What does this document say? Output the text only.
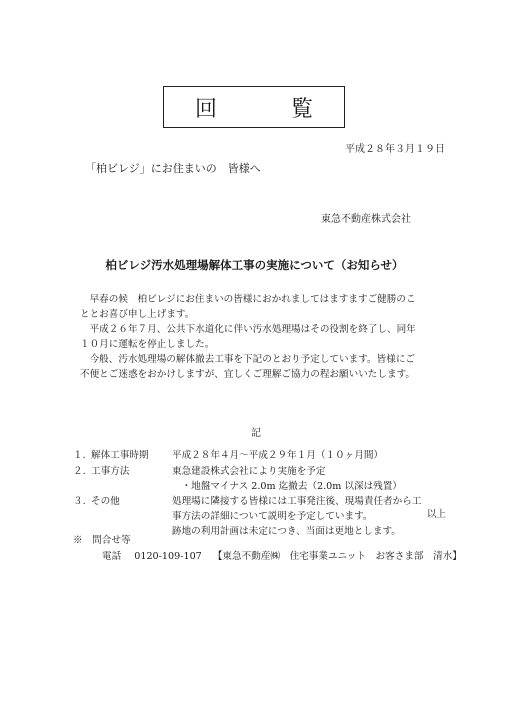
回　覧
平成２８年３月１９日
「柏ビレジ」にお住まいの　皆様へ
東急不動産株式会社
柏ビレジ汚水処理場解体工事の実施について（お知らせ）

早春の候　柏ビレジにお住まいの皆様におかれましてはますますご健勝のこ
ととお喜び申し上げます。

平成２６年７月、公共下水道化に伴い汚水処理場はその役割を終了し、同年
１０月に運転を停止しました。

今般、汚水処理場の解体撤去工事を下記のとおり予定しています。皆様にご
不便とご迷惑をおかけしますが、宜しくご理解ご協力の程お願いいたします。

記
１. 解体工事時期 平成２８年４月～平成２９年１月（１０ヶ月間）
２. 工事方法	東急建設株式会社により実施を予定
　・地盤マイナス 2.0m 迄撤去（2.0m 以深は残置）
３. その他	処理場に隣接する皆様には工事発注後、現場責任者から工
事方法の詳細について説明を予定しています。
跡地の利用計画は未定につき、当面は更地とします。
以上
※　問合せ等
電話 0120-109-107 【東急不動産㈱　住宅事業ユニット　お客さま部　清水】
